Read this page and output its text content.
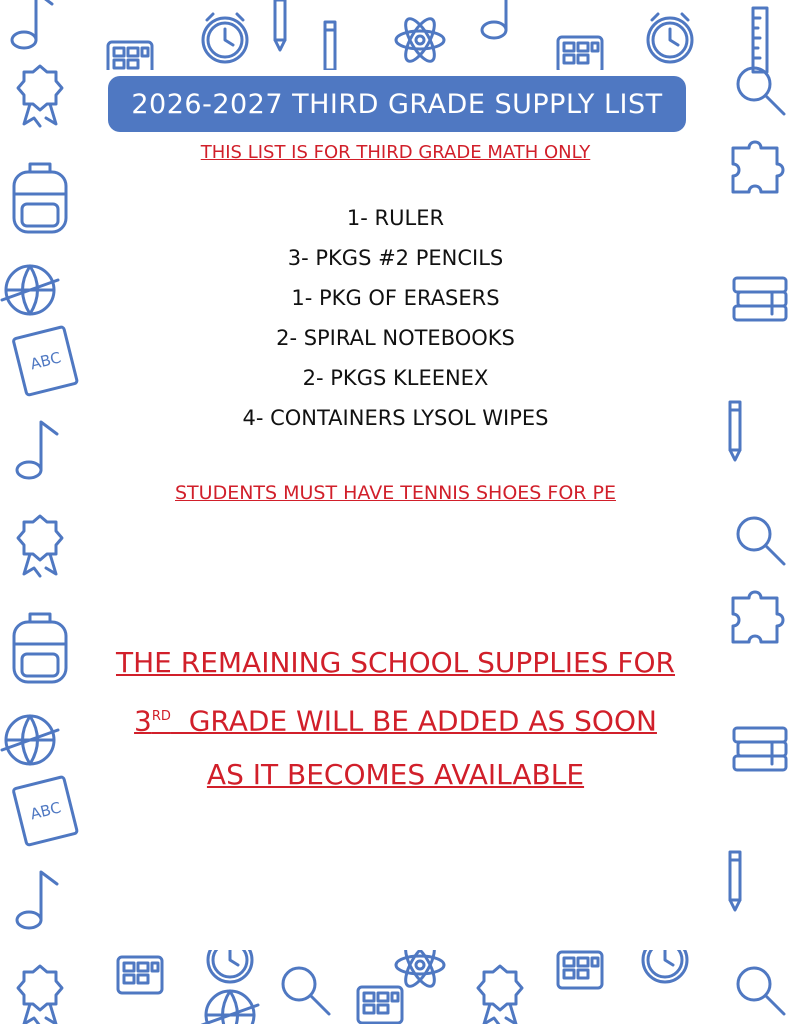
ABC
ABC
2026-2027 THIRD GRADE SUPPLY LIST
THIS LIST IS FOR THIRD GRADE MATH ONLY
1- RULER
3- PKGS #2 PENCILS
1- PKG OF ERASERS
2- SPIRAL NOTEBOOKS
2- PKGS KLEENEX
4- CONTAINERS LYSOL WIPES
STUDENTS MUST HAVE TENNIS SHOES FOR PE
THE REMAINING SCHOOL SUPPLIES FOR
3RD  GRADE WILL BE ADDED AS SOON
AS IT BECOMES AVAILABLE
